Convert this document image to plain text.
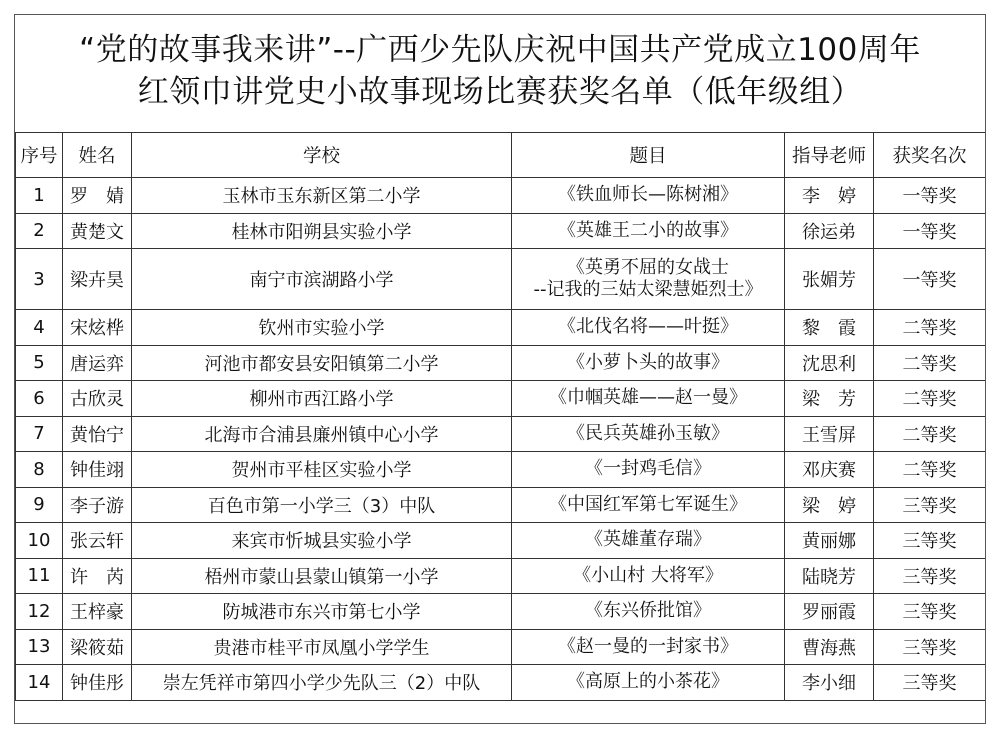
“党的故事我来讲”--广西少先队庆祝中国共产党成立100周年
红领巾讲党史小故事现场比赛获奖名单（低年级组）
序号	姓名	学校	题目	指导老师	获奖名次
1	罗　婧	玉林市玉东新区第二小学	《铁血师长—陈树湘》	李　婷	一等奖
2	黄楚文	桂林市阳朔县实验小学	《英雄王二小的故事》	徐运弟	一等奖
3	梁卉昊	南宁市滨湖路小学	《英勇不屈的女战士
--记我的三姑太梁慧姫烈士》	张媚芳	一等奖
4	宋炫桦	钦州市实验小学	《北伐名将——叶挺》	黎　霞	二等奖
5	唐运弈	河池市都安县安阳镇第二小学	《小萝卜头的故事》	沈思利	二等奖
6	古欣灵	柳州市西江路小学	《巾帼英雄——赵一曼》	梁　芳	二等奖
7	黄怡宁	北海市合浦县廉州镇中心小学	《民兵英雄孙玉敏》	王雪屏	二等奖
8	钟佳翊	贺州市平桂区实验小学	《一封鸡毛信》	邓庆赛	二等奖
9	李子游	百色市第一小学三（3）中队	《中国红军第七军诞生》	梁　婷	三等奖
10	张云轩	来宾市忻城县实验小学	《英雄董存瑞》	黄丽娜	三等奖
11	许　芮	梧州市蒙山县蒙山镇第一小学	《小山村 大将军》	陆晓芳	三等奖
12	王梓豪	防城港市东兴市第七小学	《东兴侨批馆》	罗丽霞	三等奖
13	梁筱茹	贵港市桂平市凤凰小学学生	《赵一曼的一封家书》	曹海燕	三等奖
14	钟佳彤	崇左凭祥市第四小学少先队三（2）中队	《高原上的小茶花》	李小细	三等奖
